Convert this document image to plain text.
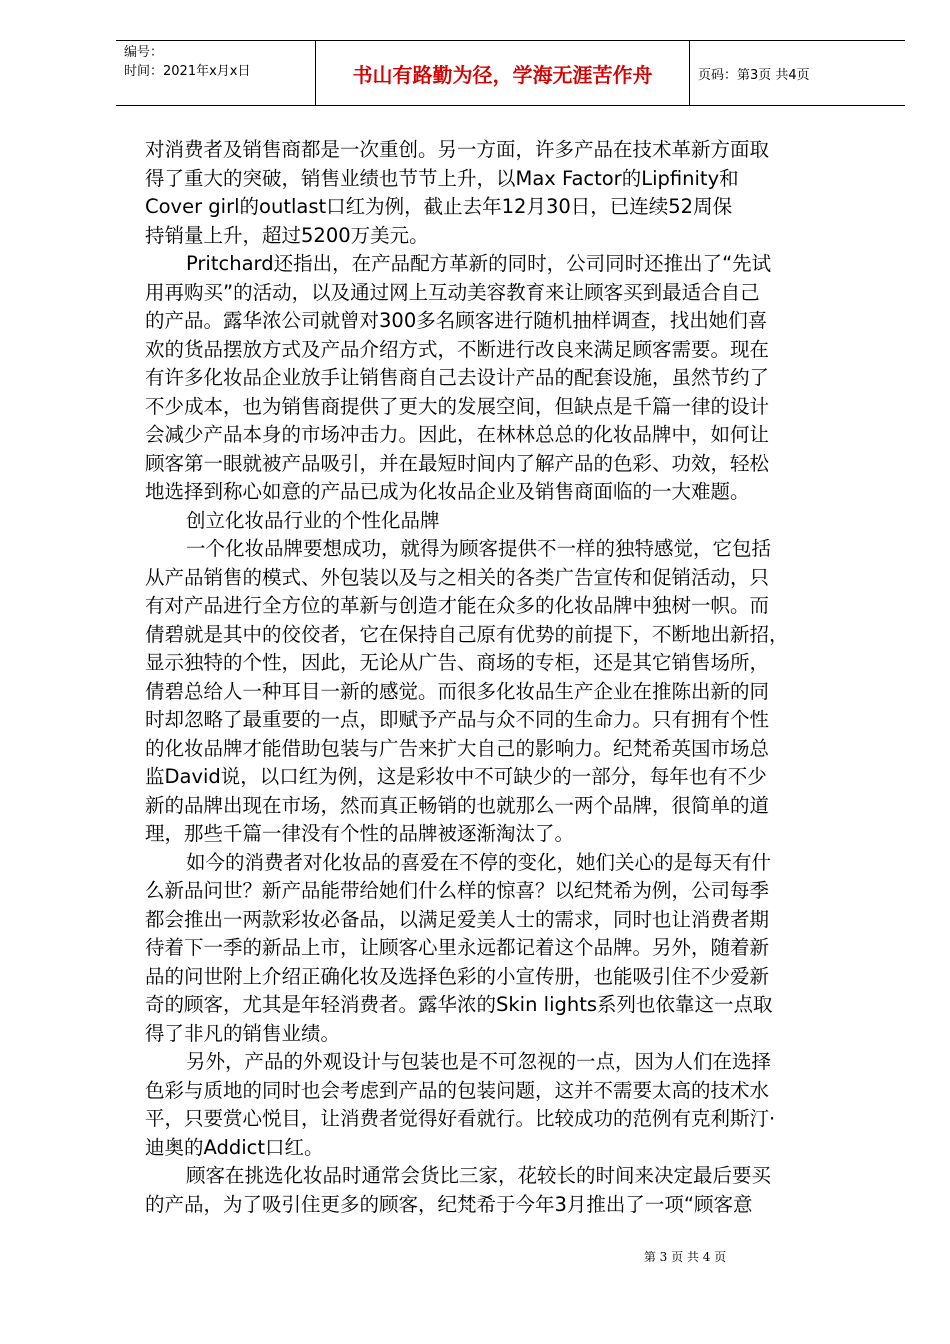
编号：
时间：2021年x月x日	书山有路勤为径，学海无涯苦作舟	页码：第3页 共4页
对消费者及销售商都是一次重创。另一方面，许多产品在技术革新方面取
得了重大的突破，销售业绩也节节上升，以Max Factor的Lipfinity和
Cover girl的outlast口红为例，截止去年12月30日，已连续52周保
持销量上升，超过5200万美元。
Pritchard还指出，在产品配方革新的同时，公司同时还推出了“先试
用再购买”的活动，以及通过网上互动美容教育来让顾客买到最适合自己
的产品。露华浓公司就曾对300多名顾客进行随机抽样调查，找出她们喜
欢的货品摆放方式及产品介绍方式，不断进行改良来满足顾客需要。现在
有许多化妆品企业放手让销售商自己去设计产品的配套设施，虽然节约了
不少成本，也为销售商提供了更大的发展空间，但缺点是千篇一律的设计
会减少产品本身的市场冲击力。因此，在林林总总的化妆品牌中，如何让
顾客第一眼就被产品吸引，并在最短时间内了解产品的色彩、功效，轻松
地选择到称心如意的产品已成为化妆品企业及销售商面临的一大难题。
创立化妆品行业的个性化品牌
一个化妆品牌要想成功，就得为顾客提供不一样的独特感觉，它包括
从产品销售的模式、外包装以及与之相关的各类广告宣传和促销活动，只
有对产品进行全方位的革新与创造才能在众多的化妆品牌中独树一帜。而
倩碧就是其中的佼佼者，它在保持自己原有优势的前提下，不断地出新招，
显示独特的个性，因此，无论从广告、商场的专柜，还是其它销售场所，
倩碧总给人一种耳目一新的感觉。而很多化妆品生产企业在推陈出新的同
时却忽略了最重要的一点，即赋予产品与众不同的生命力。只有拥有个性
的化妆品牌才能借助包装与广告来扩大自己的影响力。纪梵希英国市场总
监David说，以口红为例，这是彩妆中不可缺少的一部分，每年也有不少
新的品牌出现在市场，然而真正畅销的也就那么一两个品牌，很简单的道
理，那些千篇一律没有个性的品牌被逐渐淘汰了。
如今的消费者对化妆品的喜爱在不停的变化，她们关心的是每天有什
么新品问世？新产品能带给她们什么样的惊喜？以纪梵希为例，公司每季
都会推出一两款彩妆必备品，以满足爱美人士的需求，同时也让消费者期
待着下一季的新品上市，让顾客心里永远都记着这个品牌。另外，随着新
品的问世附上介绍正确化妆及选择色彩的小宣传册，也能吸引住不少爱新
奇的顾客，尤其是年轻消费者。露华浓的Skin lights系列也依靠这一点取
得了非凡的销售业绩。
另外，产品的外观设计与包装也是不可忽视的一点，因为人们在选择
色彩与质地的同时也会考虑到产品的包装问题，这并不需要太高的技术水
平，只要赏心悦目，让消费者觉得好看就行。比较成功的范例有克利斯汀·
迪奥的Addict口红。
顾客在挑选化妆品时通常会货比三家，花较长的时间来决定最后要买
的产品，为了吸引住更多的顾客，纪梵希于今年3月推出了一项“顾客意
第 3 页 共 4 页
